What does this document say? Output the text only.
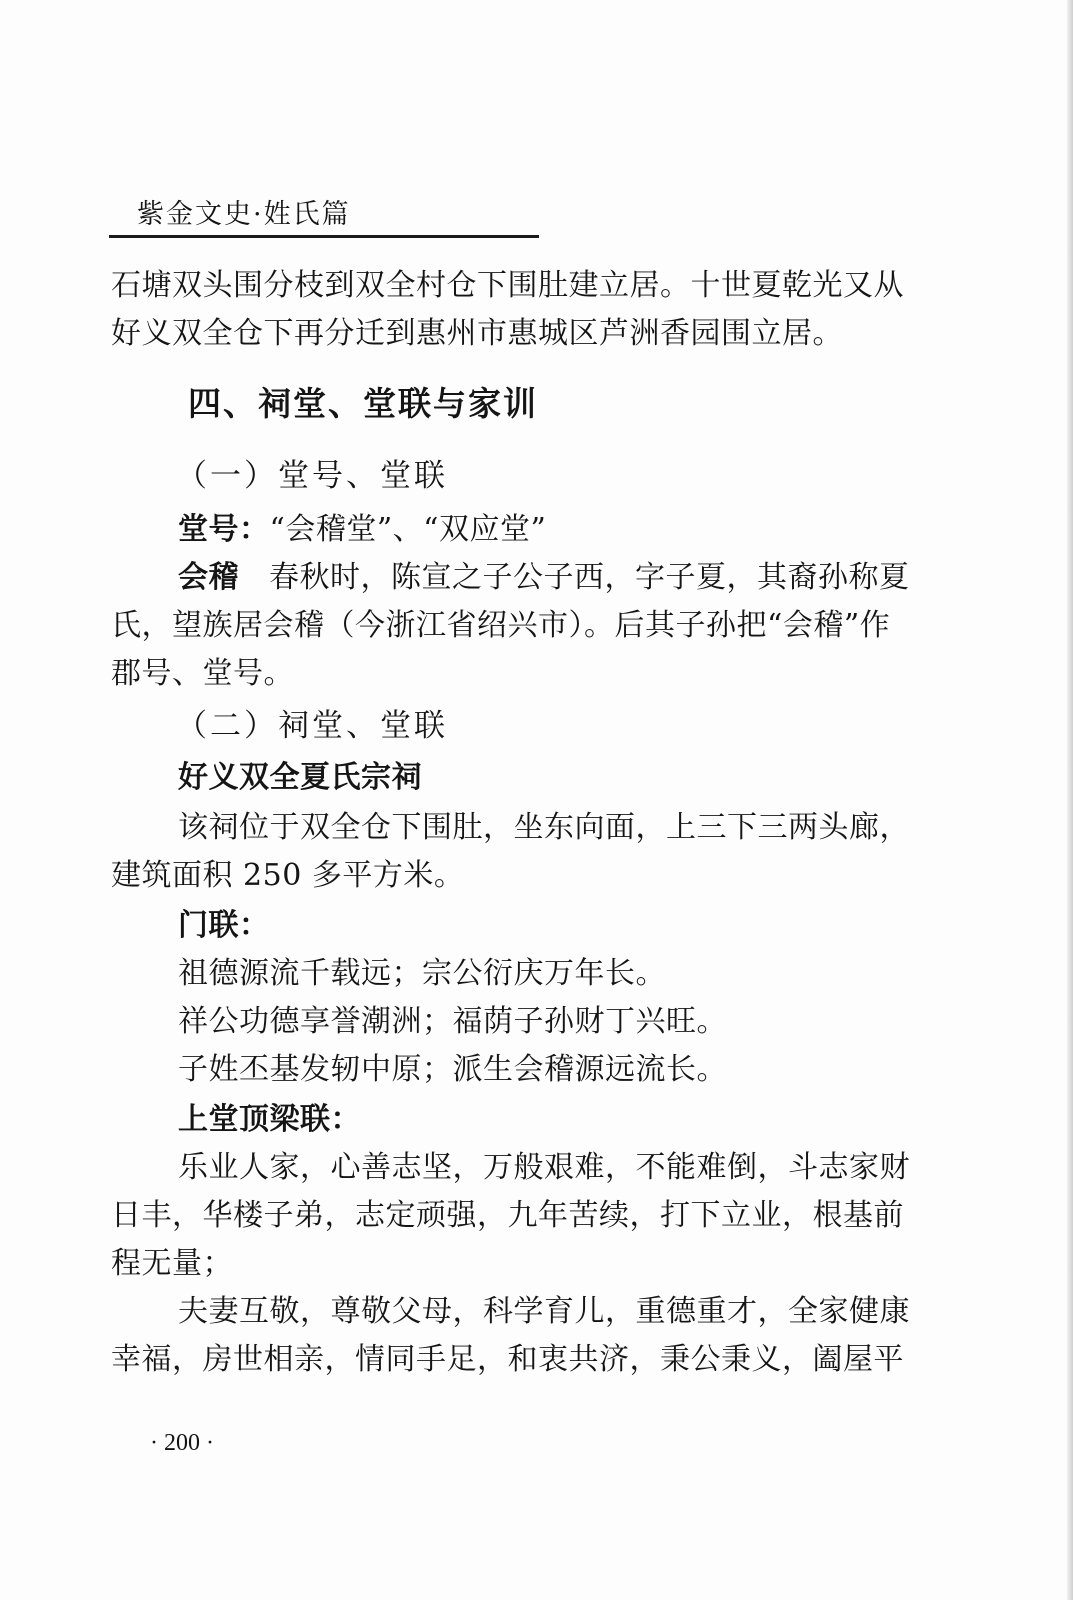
紫金文史·姓氏篇
石塘双头围分枝到双全村仓下围肚建立居。十世夏乾光又从
好义双全仓下再分迁到惠州市惠城区芦洲香园围立居。
四、祠堂、堂联与家训
（一）堂号、堂联
堂号：“会稽堂”、“双应堂”
会稽 春秋时，陈宣之子公子西，字子夏，其裔孙称夏
氏，望族居会稽（今浙江省绍兴市）。后其子孙把“会稽”作
郡号、堂号。
（二）祠堂、堂联
好义双全夏氏宗祠
该祠位于双全仓下围肚，坐东向面，上三下三两头廊，
建筑面积 250 多平方米。
门联：
祖德源流千载远；宗公衍庆万年长。
祥公功德享誉潮洲；福荫子孙财丁兴旺。
子姓丕基发轫中原；派生会稽源远流长。
上堂顶梁联：
乐业人家，心善志坚，万般艰难，不能难倒，斗志家财
日丰，华楼子弟，志定顽强，九年苦续，打下立业，根基前
程无量；
夫妻互敬，尊敬父母，科学育儿，重德重才，全家健康
幸福，房世相亲，情同手足，和衷共济，秉公秉义，阖屋平
· 200 ·
